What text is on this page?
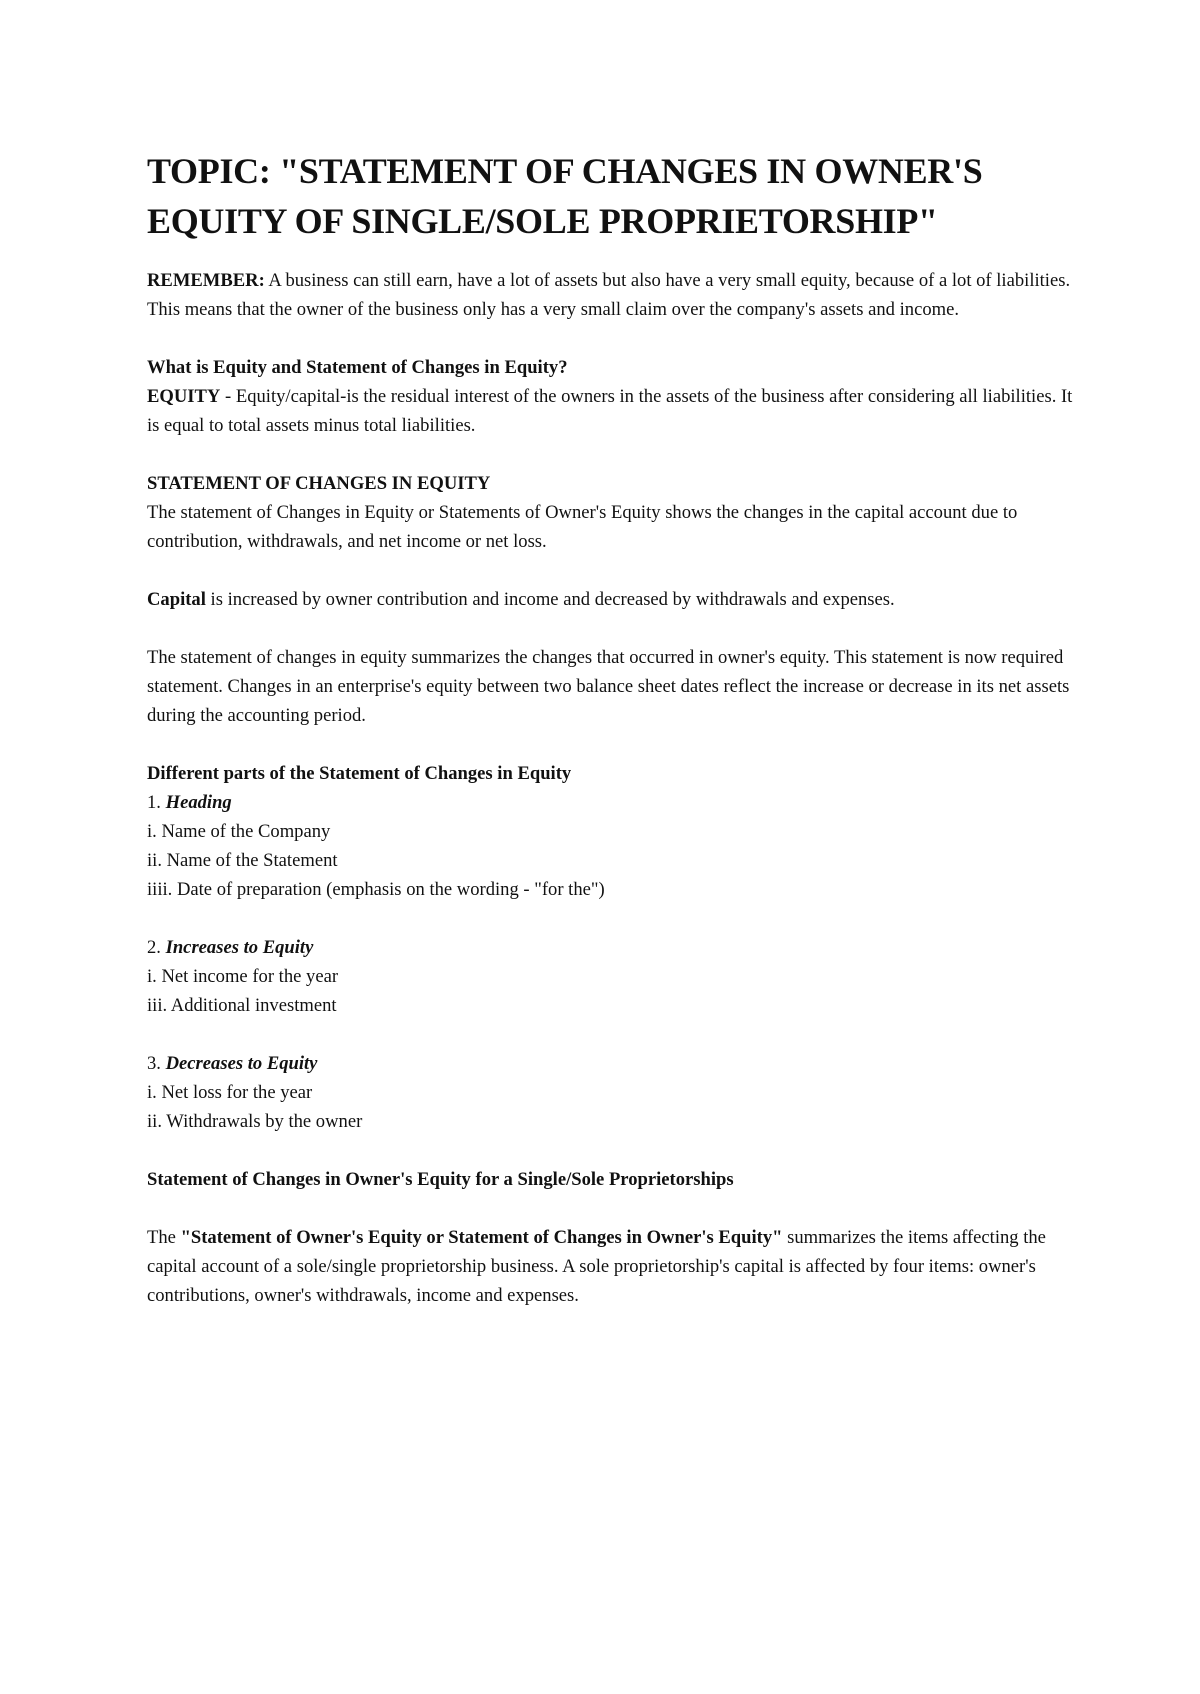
TOPIC: "STATEMENT OF CHANGES IN OWNER'S EQUITY OF SINGLE/SOLE PROPRIETORSHIP"

REMEMBER: A business can still earn, have a lot of assets but also have a very small equity, because of a lot of liabilities. This means that the owner of the business only has a very small claim over the company's assets and income.

What is Equity and Statement of Changes in Equity?
EQUITY - Equity/capital-is the residual interest of the owners in the assets of the business after considering all liabilities. It is equal to total assets minus total liabilities.
STATEMENT OF CHANGES IN EQUITY
The statement of Changes in Equity or Statements of Owner's Equity shows the changes in the capital account due to contribution, withdrawals, and net income or net loss.

Capital is increased by owner contribution and income and decreased by withdrawals and expenses.

The statement of changes in equity summarizes the changes that occurred in owner's equity. This statement is now required statement. Changes in an enterprise's equity between two balance sheet dates reflect the increase or decrease in its net assets during the accounting period.

Different parts of the Statement of Changes in Equity
1. Heading
i. Name of the Company
ii. Name of the Statement
iiii. Date of preparation (emphasis on the wording - "for the")
2. Increases to Equity
i. Net income for the year
iii. Additional investment
3. Decreases to Equity
i. Net loss for the year
ii. Withdrawals by the owner
Statement of Changes in Owner's Equity for a Single/Sole Proprietorships

The "Statement of Owner's Equity or Statement of Changes in Owner's Equity" summarizes the items affecting the capital account of a sole/single proprietorship business. A sole proprietorship's capital is affected by four items: owner's contributions, owner's withdrawals, income and expenses.
